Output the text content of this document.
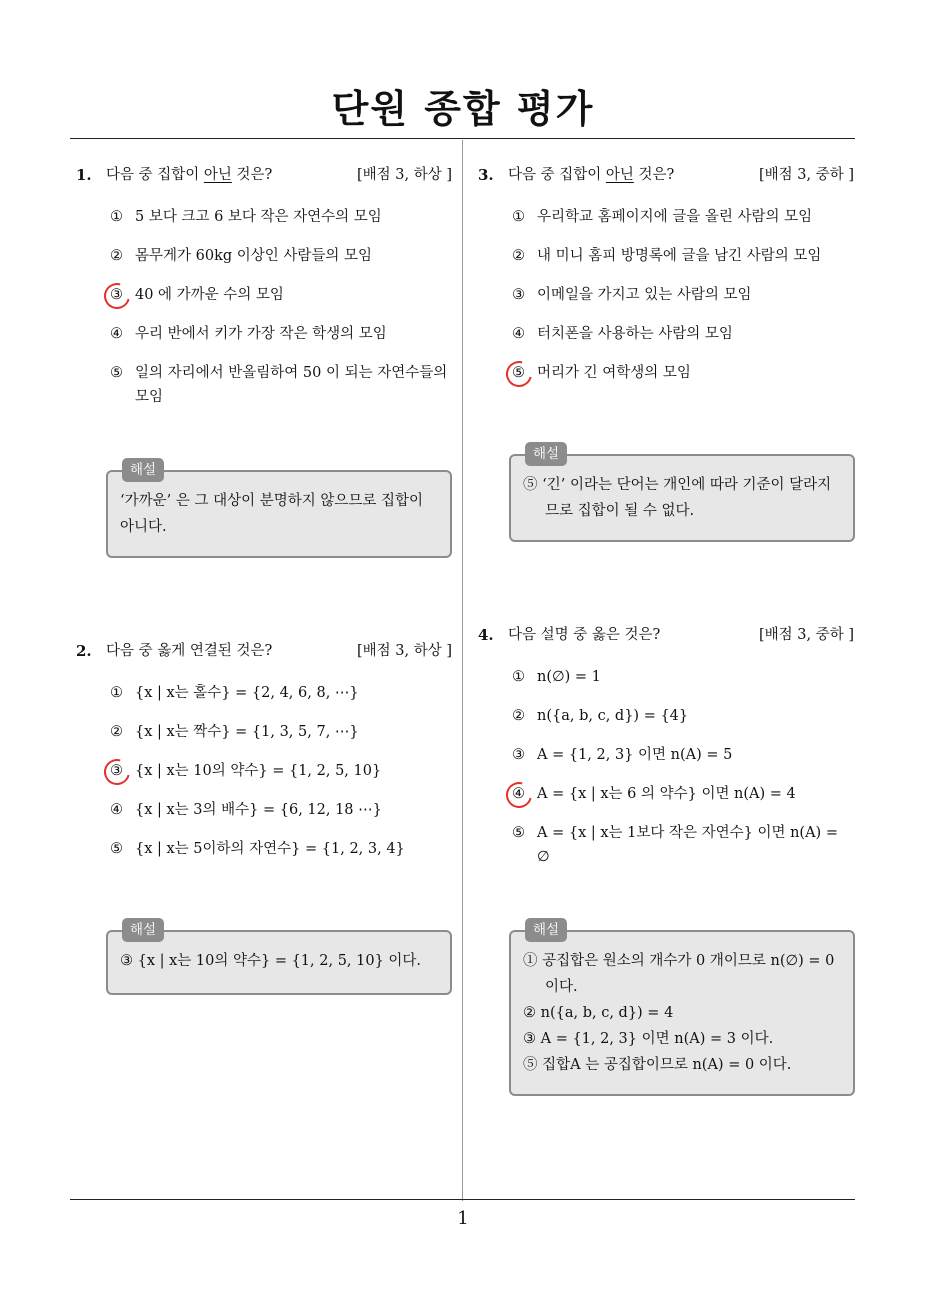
단원 종합 평가
1
1. 다음 중 집합이 아닌 것은?	[배점 3, 하상 ]
① 5 보다 크고 6 보다 작은 자연수의 모임
② 몸무게가 60kg 이상인 사람들의 모임
③ 40 에 가까운 수의 모임
④ 우리 반에서 키가 가장 작은 학생의 모임
⑤ 일의 자리에서 반올림하여 50 이 되는 자연수들의 모임
해설
‘가까운’ 은 그 대상이 분명하지 않으므로 집합이 아니다.
2. 다음 중 옳게 연결된 것은?	[배점 3, 하상 ]
① {x | x는 홀수} = {2, 4, 6, 8, ⋯}
② {x | x는 짝수} = {1, 3, 5, 7, ⋯}
③ {x | x는 10의 약수} = {1, 2, 5, 10}
④ {x | x는 3의 배수} = {6, 12, 18 ⋯}
⑤ {x | x는 5이하의 자연수} = {1, 2, 3, 4}
해설
③ {x | x는 10의 약수} = {1, 2, 5, 10} 이다.
3. 다음 중 집합이 아닌 것은?	[배점 3, 중하 ]
① 우리학교 홈페이지에 글을 올린 사람의 모임
② 내 미니 홈피 방명록에 글을 남긴 사람의 모임
③ 이메일을 가지고 있는 사람의 모임
④ 터치폰을 사용하는 사람의 모임
⑤ 머리가 긴 여학생의 모임
해설
⑤ ‘긴’ 이라는 단어는 개인에 따라 기준이 달라지므로 집합이 될 수 없다.
4. 다음 설명 중 옳은 것은?	[배점 3, 중하 ]
① n(∅) = 1
② n({a, b, c, d}) = {4}
③ A = {1, 2, 3} 이면 n(A) = 5
④ A = {x | x는 6 의 약수} 이면 n(A) = 4
⑤ A = {x | x는 1보다 작은 자연수} 이면 n(A) = ∅
해설
① 공집합은 원소의 개수가 0 개이므로 n(∅) = 0 이다.
② n({a, b, c, d}) = 4
③ A = {1, 2, 3} 이면 n(A) = 3 이다.
⑤ 집합A 는 공집합이므로 n(A) = 0 이다.
